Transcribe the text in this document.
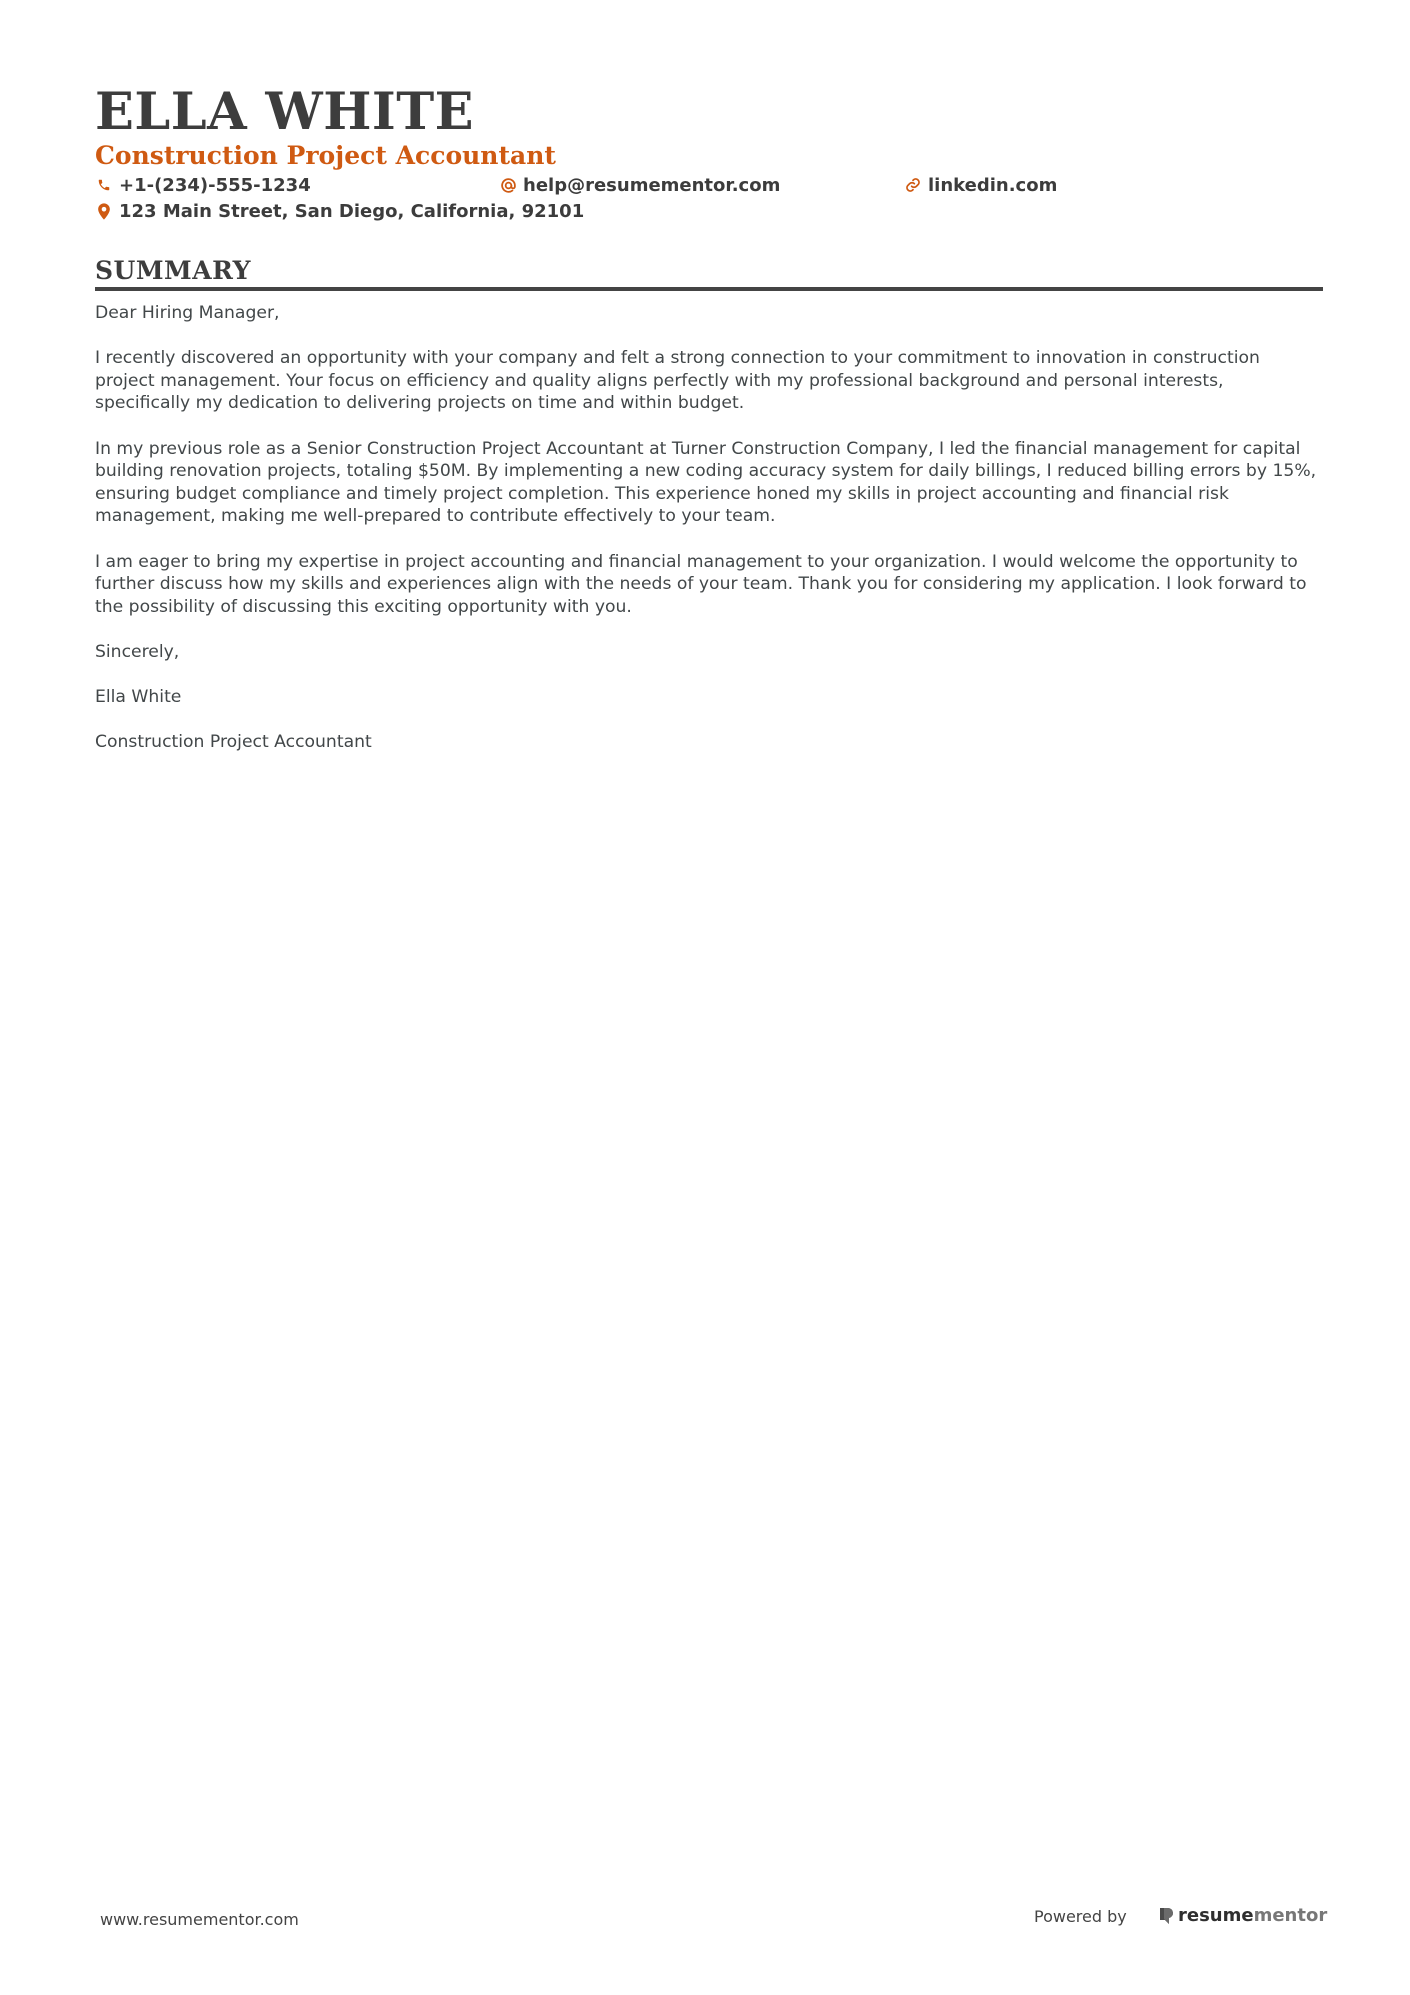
ELLA WHITE
Construction Project Accountant
+1-(234)-555-1234	help@resumementor.com	linkedin.com
123 Main Street, San Diego, California, 92101
SUMMARY

Dear Hiring Manager,

I recently discovered an opportunity with your company and felt a strong connection to your commitment to innovation in construction project management. Your focus on efficiency and quality aligns perfectly with my professional background and personal interests, specifically my dedication to delivering projects on time and within budget.

In my previous role as a Senior Construction Project Accountant at Turner Construction Company, I led the financial management for capital building renovation projects, totaling $50M. By implementing a new coding accuracy system for daily billings, I reduced billing errors by 15%, ensuring budget compliance and timely project completion. This experience honed my skills in project accounting and financial risk management, making me well-prepared to contribute effectively to your team.

I am eager to bring my expertise in project accounting and financial management to your organization. I would welcome the opportunity to further discuss how my skills and experiences align with the needs of your team. Thank you for considering my application. I look forward to the possibility of discussing this exciting opportunity with you.

Sincerely,

Ella White

Construction Project Accountant

www.resumementor.com	Powered by	resume mentor
